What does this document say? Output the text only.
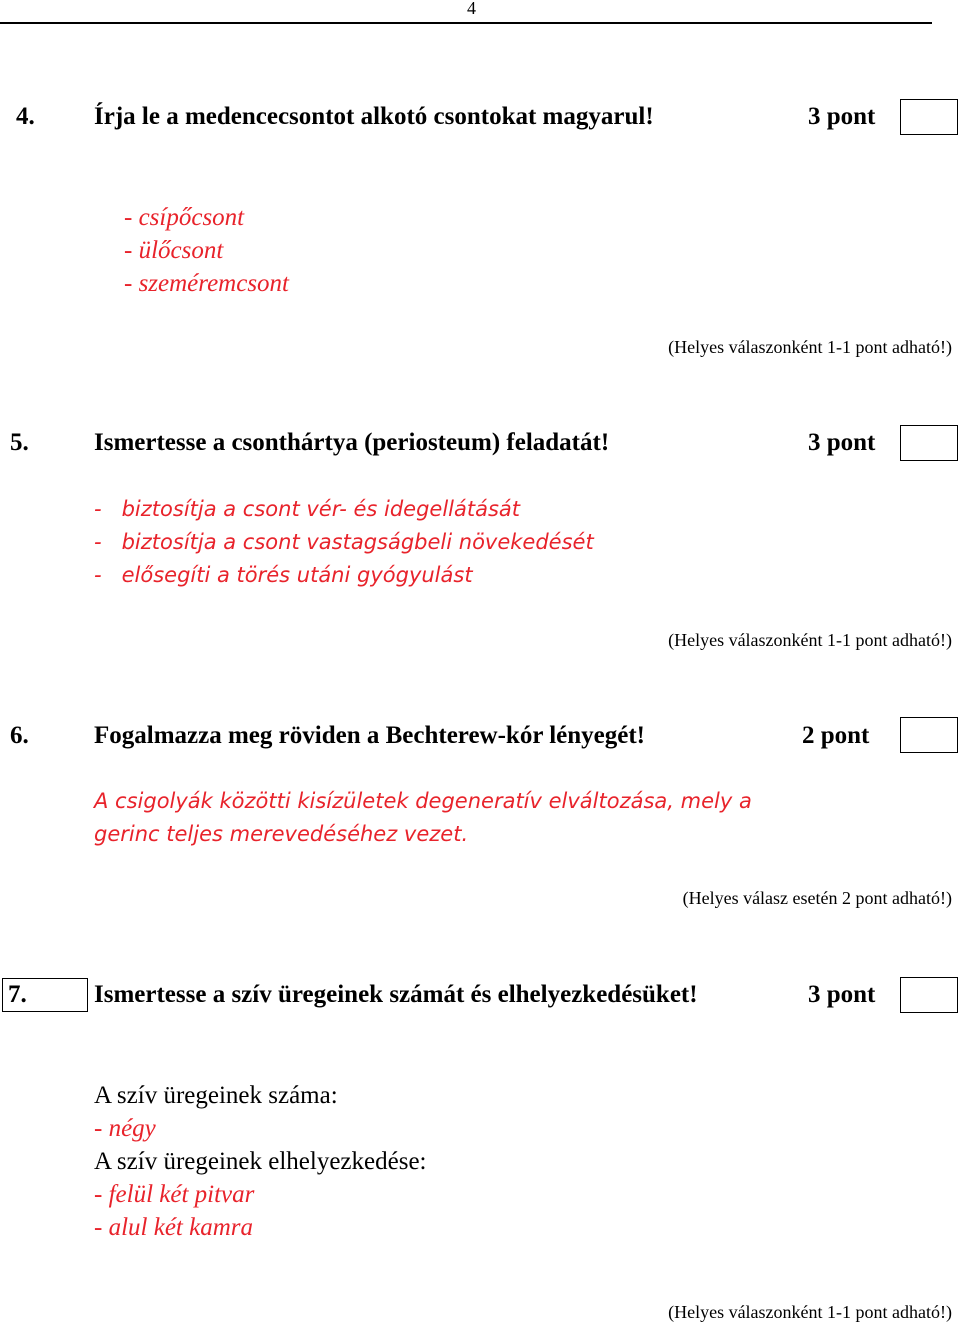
4
4. Írja le a medencecsontot alkotó csontokat magyarul!	3 pont
- csípőcsont
- ülőcsont
- szeméremcsont
(Helyes válaszonként 1-1 pont adható!)
5.	Ismertesse a csonthártya (periosteum) feladatát!	3 pont
-   biztosítja a csont vér- és idegellátását
-   biztosítja a csont vastagságbeli növekedését
-   elősegíti a törés utáni gyógyulást
(Helyes válaszonként 1-1 pont adható!)
6.	Fogalmazza meg röviden a Bechterew-kór lényegét!	2 pont
A csigolyák közötti kisízületek degeneratív elváltozása, mely a
gerinc teljes merevedéséhez vezet.
(Helyes válasz esetén 2 pont adható!)
7.	Ismertesse a szív üregeinek számát és elhelyezkedésüket!	3 pont
A szív üregeinek száma:
- négy
A szív üregeinek elhelyezkedése:
- felül két pitvar
- alul két kamra
(Helyes válaszonként 1-1 pont adható!)
